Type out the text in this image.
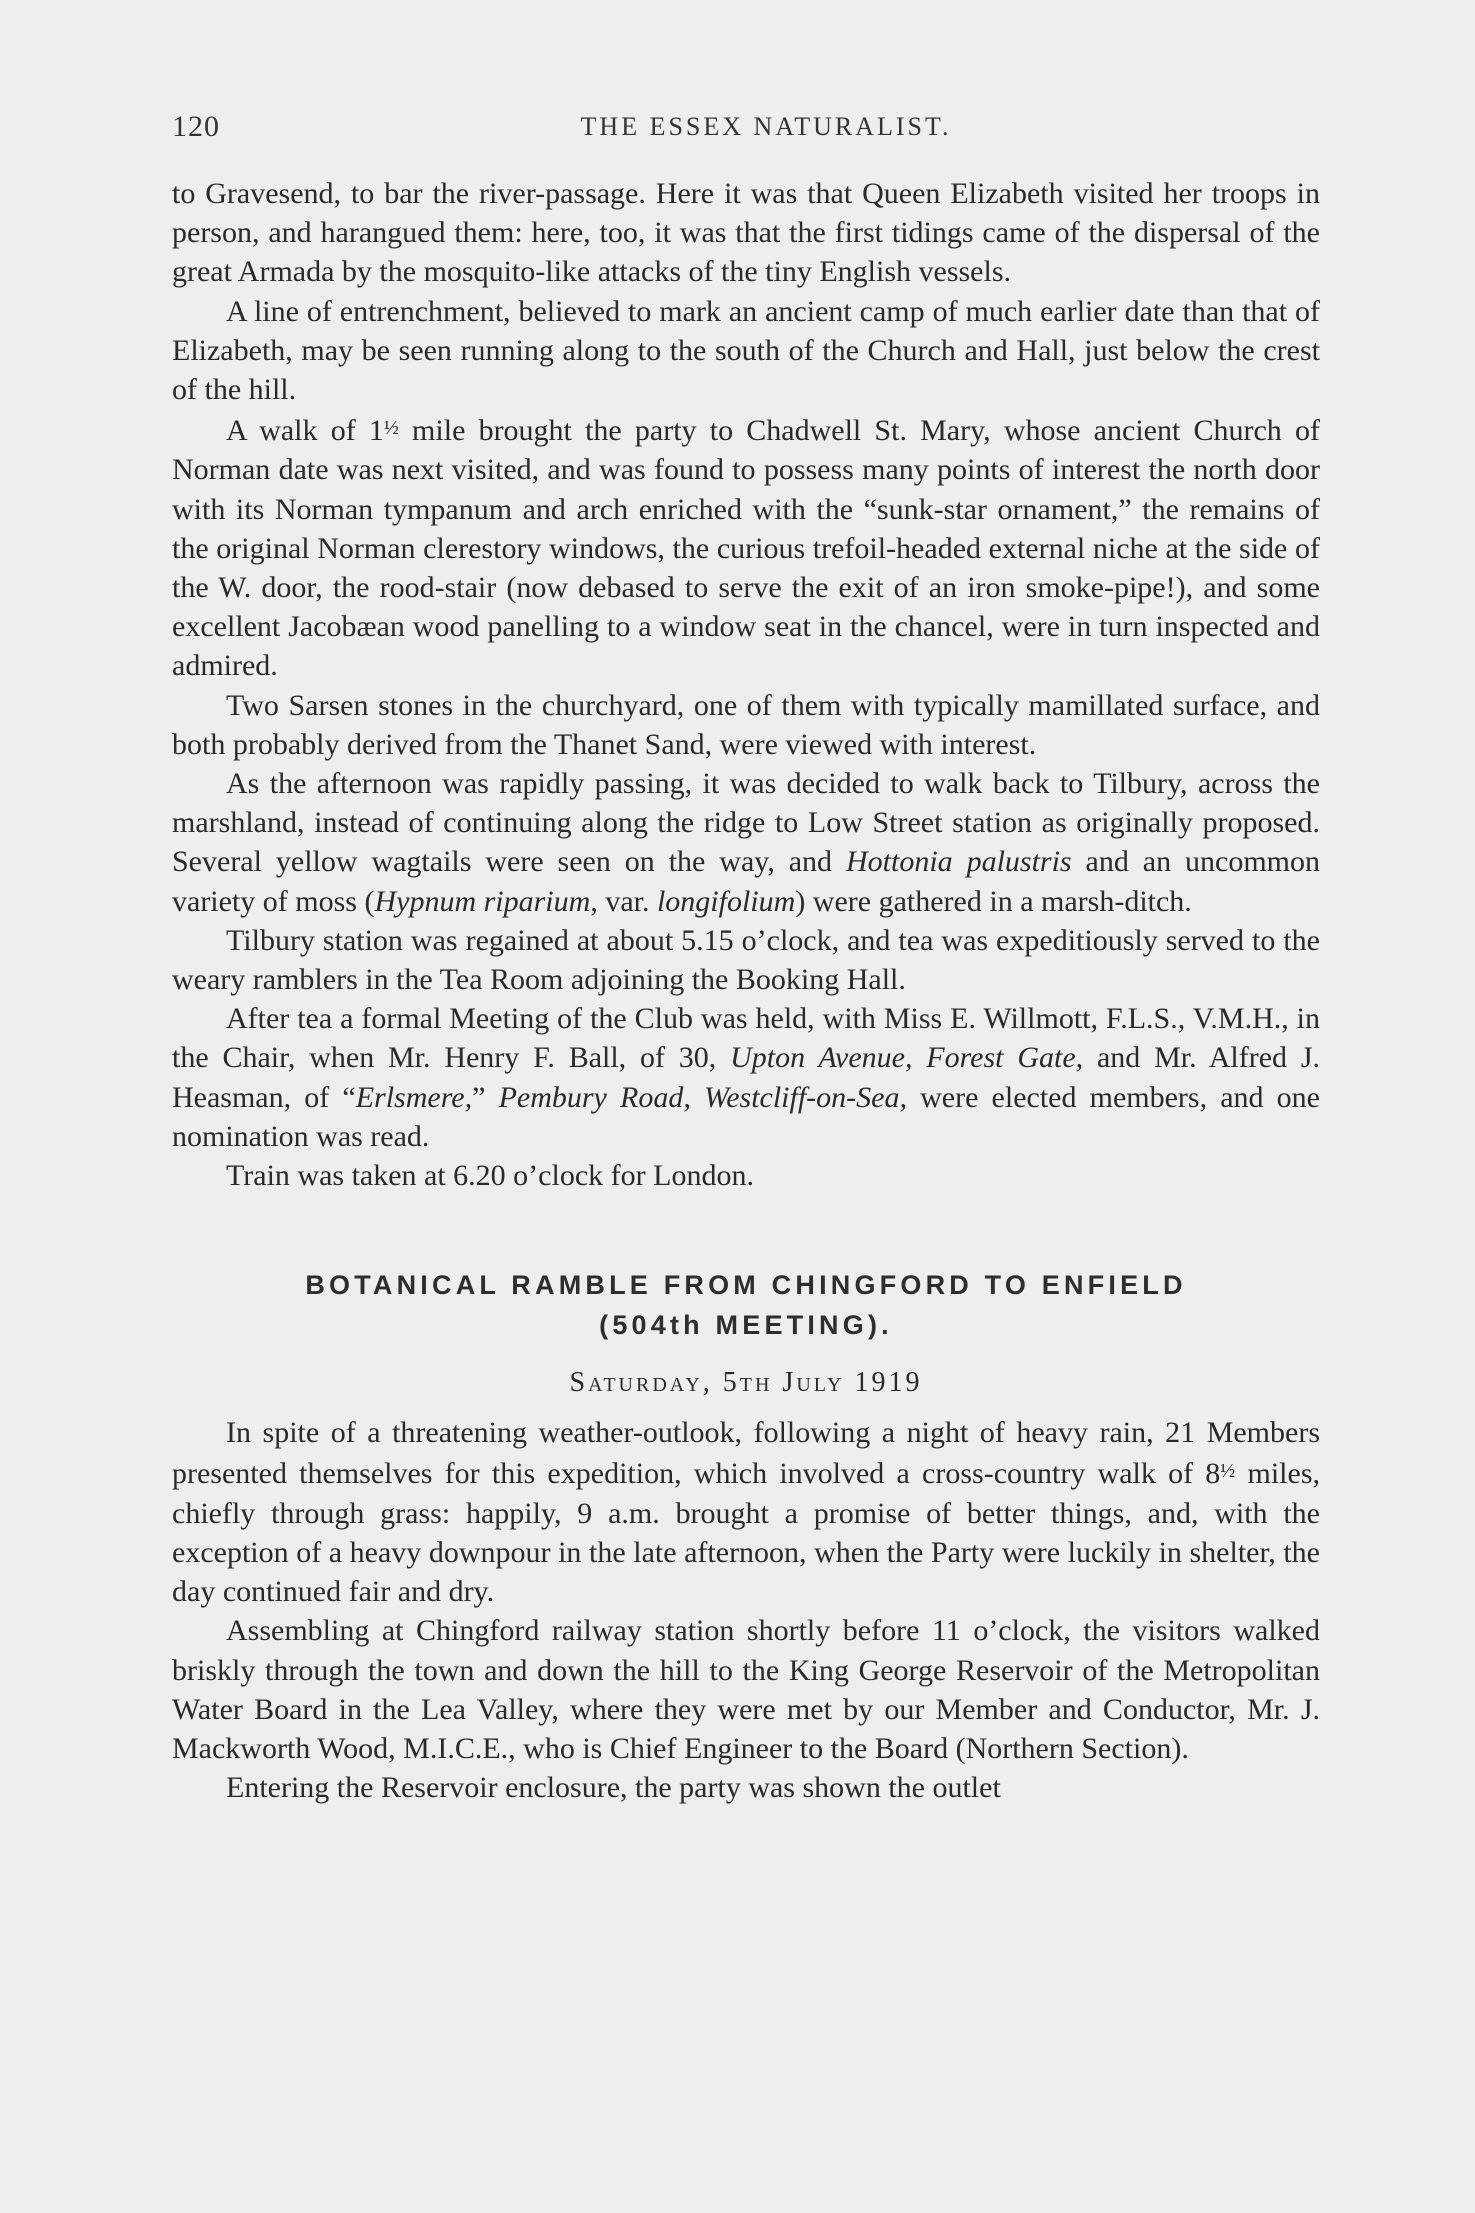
120	THE ESSEX NATURALIST.

to Gravesend, to bar the river-passage. Here it was that Queen Elizabeth visited her troops in person, and harangued them: here, too, it was that the first tidings came of the dispersal of the great Armada by the mosquito-like attacks of the tiny English vessels.

A line of entrenchment, believed to mark an ancient camp of much earlier date than that of Elizabeth, may be seen running along to the south of the Church and Hall, just below the crest of the hill.

A walk of $1^{\frac{1}{2}}$ mile brought the party to Chadwell St. Mary, whose ancient Church of Norman date was next visited, and was found to possess many points of interest the north door with its Norman tympanum and arch enriched with the “sunk-star ornament,” the remains of the original Norman clerestory windows, the curious trefoil-headed external niche at the side of the W. door, the rood-stair (now debased to serve the exit of an iron smoke-pipe!), and some excellent Jacobæan wood panelling to a window seat in the chancel, were in turn inspected and admired.

Two Sarsen stones in the churchyard, one of them with typically mamillated surface, and both probably derived from the Thanet Sand, were viewed with interest.

As the afternoon was rapidly passing, it was decided to walk back to Tilbury, across the marshland, instead of continuing along the ridge to Low Street station as originally proposed. Several yellow wagtails were seen on the way, and Hottonia palustris and an uncommon variety of moss (Hypnum riparium, var. longifolium) were gathered in a marsh-ditch.

Tilbury station was regained at about 5.15 o’clock, and tea was expeditiously served to the weary ramblers in the Tea Room adjoining the Booking Hall.

After tea a formal Meeting of the Club was held, with Miss E. Willmott, F.L.S., V.M.H., in the Chair, when Mr. Henry F. Ball, of 30, Upton Avenue, Forest Gate, and Mr. Alfred J. Heasman, of “Erlsmere,” Pembury Road, Westcliff-on-Sea, were elected members, and one nomination was read.

Train was taken at 6.20 o’clock for London.

BOTANICAL RAMBLE FROM CHINGFORD TO ENFIELD
(504th MEETING).
Saturday, 5th July 1919

In spite of a threatening weather-outlook, following a night of heavy rain, 21 Members presented themselves for this expedition, which involved a cross-country walk of $8^{\frac{1}{2}}$ miles, chiefly through grass: happily, 9 a.m. brought a promise of better things, and, with the exception of a heavy downpour in the late afternoon, when the Party were luckily in shelter, the day continued fair and dry.

Assembling at Chingford railway station shortly before 11 o’clock, the visitors walked briskly through the town and down the hill to the King George Reservoir of the Metropolitan Water Board in the Lea Valley, where they were met by our Member and Conductor, Mr. J. Mackworth Wood, M.I.C.E., who is Chief Engineer to the Board (Northern Section).

Entering the Reservoir enclosure, the party was shown the outlet
